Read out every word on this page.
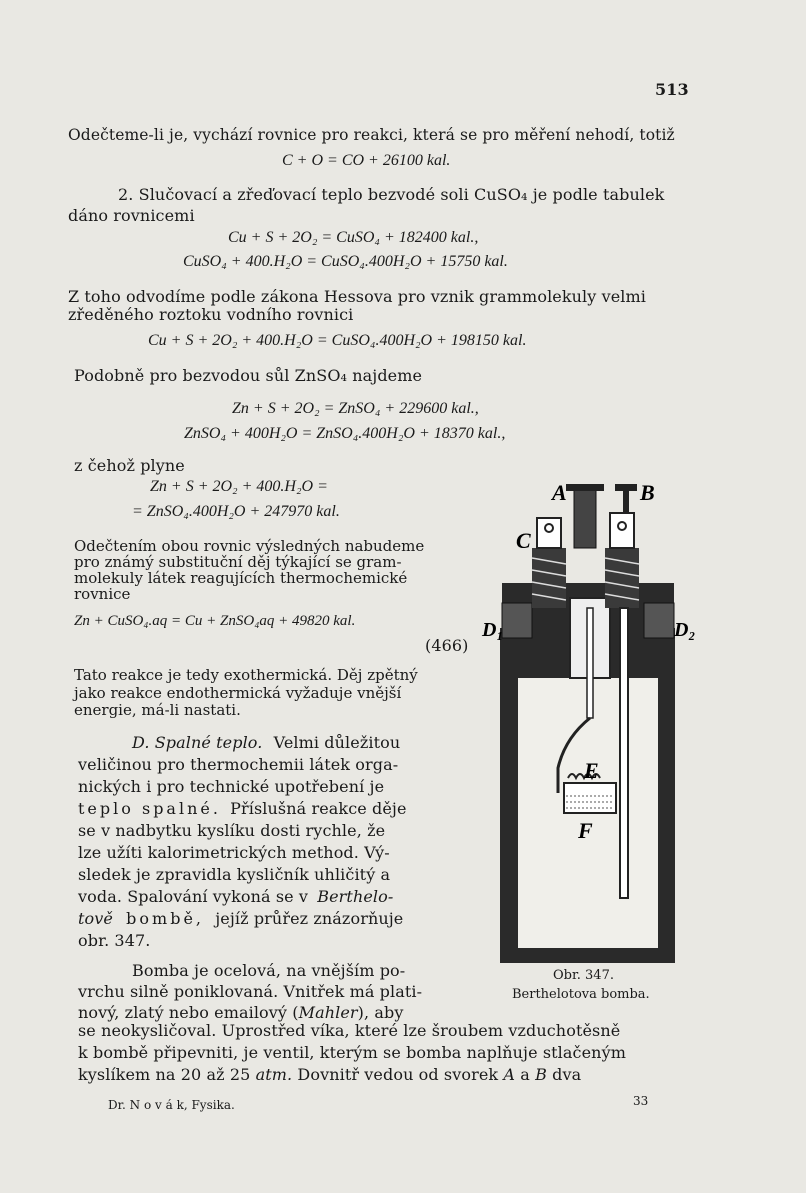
513
Odečteme-li je, vychází rovnice pro reakci, která se pro měření nehodí, totiž
C + O = CO + 26100 kal.
2. Slučovací a zřeďovací teplo bezvodé soli CuSO₄ je podle tabulek
dáno rovnicemi
Cu + S + 2O₂ = CuSO₄ + 182400 kal.,
CuSO₄ + 400.H₂O = CuSO₄.400H₂O + 15750 kal.
Z toho odvodíme podle zákona Hessova pro vznik grammolekuly velmi
zředěného roztoku vodního rovnici
Cu + S + 2O₂ + 400.H₂O = CuSO₄.400H₂O + 198150 kal.
Podobně pro bezvodou sůl ZnSO₄ najdeme
Zn + S + 2O₂ = ZnSO₄ + 229600 kal.,
ZnSO₄ + 400H₂O = ZnSO₄.400H₂O + 18370 kal.,
z čehož plyne
Zn + S + 2O₂ + 400.H₂O =
= ZnSO₄.400H₂O + 247970 kal.
Odečtením obou rovnic výsledných nabudeme
pro známý substituční děj týkající se gram-
molekuly látek reagujících thermochemické
rovnice
Zn + CuSO₄.aq = Cu + ZnSO₄aq + 49820 kal.
(466)
Tato reakce je tedy exothermická. Děj zpětný
jako reakce endothermická vyžaduje vnější
energie, má-li nastati.
D. Spalné teplo. Velmi důležitou
veličinou pro thermochemii látek orga-
nických i pro technické upotřebení je
teplo spalné. Příslušná reakce děje
se v nadbytku kyslíku dosti rychle, že
lze užíti kalorimetrických method. Vý-
sledek je zpravidla kysličník uhličitý a
voda. Spalování vykoná se v Berthelo-
tově bombě, jejíž průřez znázorňuje
obr. 347.
Bomba je ocelová, na vnějším po-
vrchu silně poniklovaná. Vnitřek má plati-
nový, zlatý nebo emailový (Mahler), aby
se neokysličoval. Uprostřed víka, které lze šroubem vzduchotěsně
k bombě připevniti, je ventil, kterým se bomba naplňuje stlačeným
kyslíkem na 20 až 25 atm. Dovnitř vedou od svorek A a B dva
A	B
C
D₁	D₂
E
F
Obr. 347.
Berthelotova bomba.
Dr. N o v á k, Fysika.	33
